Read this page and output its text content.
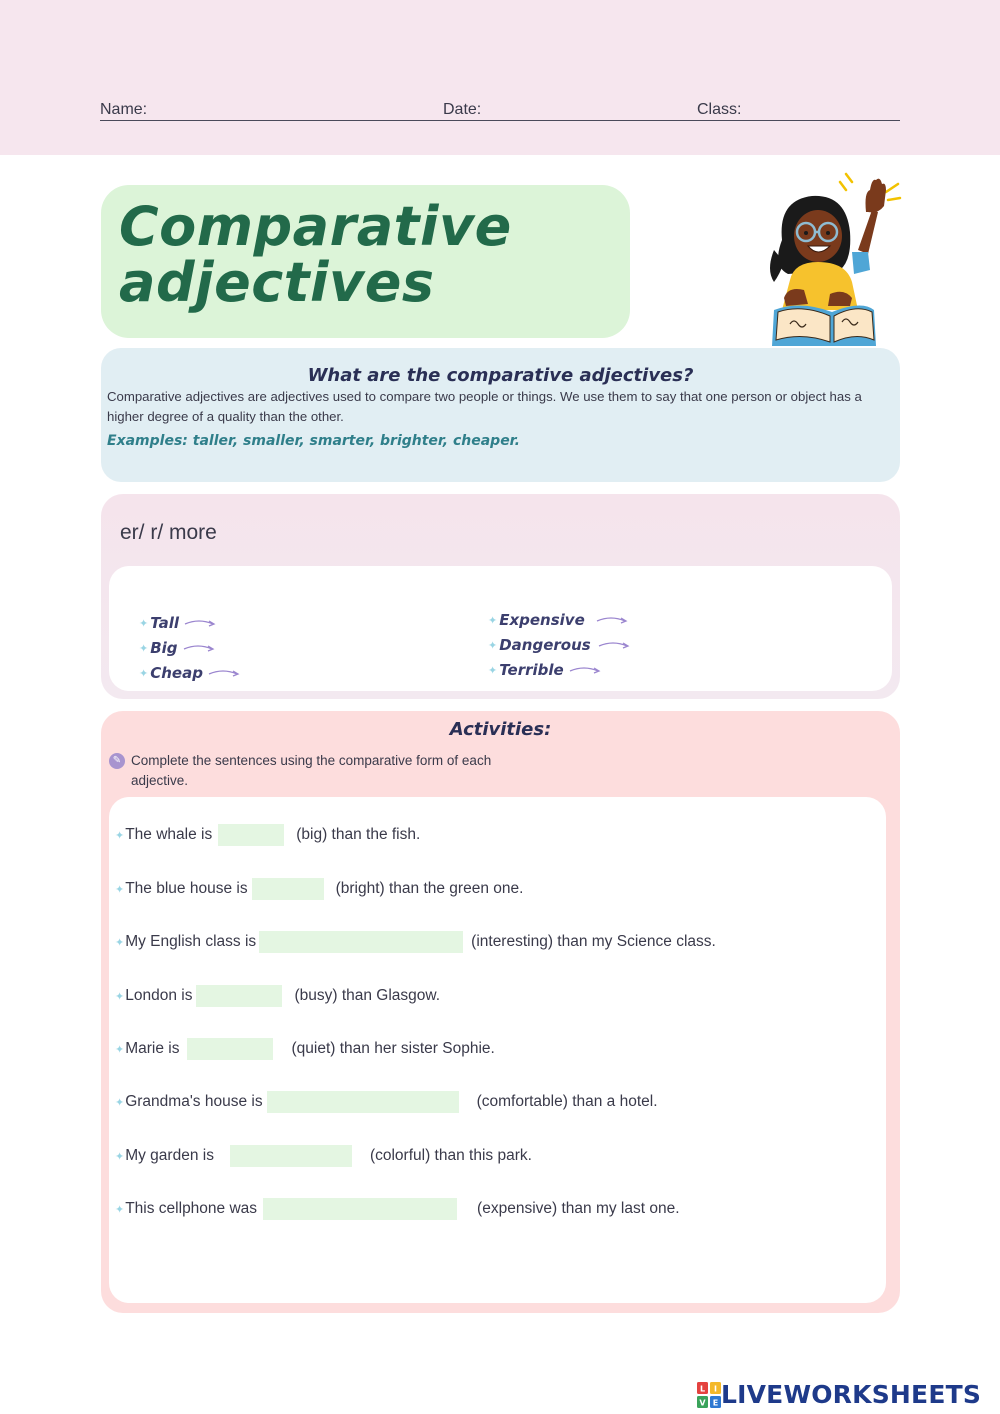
Name:	Date:	Class:
Comparative
adjectives
What are the comparative adjectives?
Comparative adjectives are adjectives used to compare two people or things. We use them to say that one person or object has a higher degree of a quality than the other.
Examples: taller, smaller, smarter, brighter, cheaper.
er/ r/ more
✦ Tall
✦ Big
✦ Cheap
✦ Expensive
✦ Dangerous
✦ Terrible
Activities:
✎ Complete the sentences using the comparative form of each adjective.
✦ The whale is	(big) than the fish.
✦ The blue house is	(bright) than the green one.
✦ My English class is	(interesting) than my Science class.
✦ London is	(busy) than Glasgow.
✦ Marie is	(quiet) than her sister Sophie.
✦ Grandma's house is	(comfortable) than a hotel.
✦ My garden is	(colorful) than this park.
✦ This cellphone was	(expensive) than my last one.
L I
V E LIVEWORKSHEETS
